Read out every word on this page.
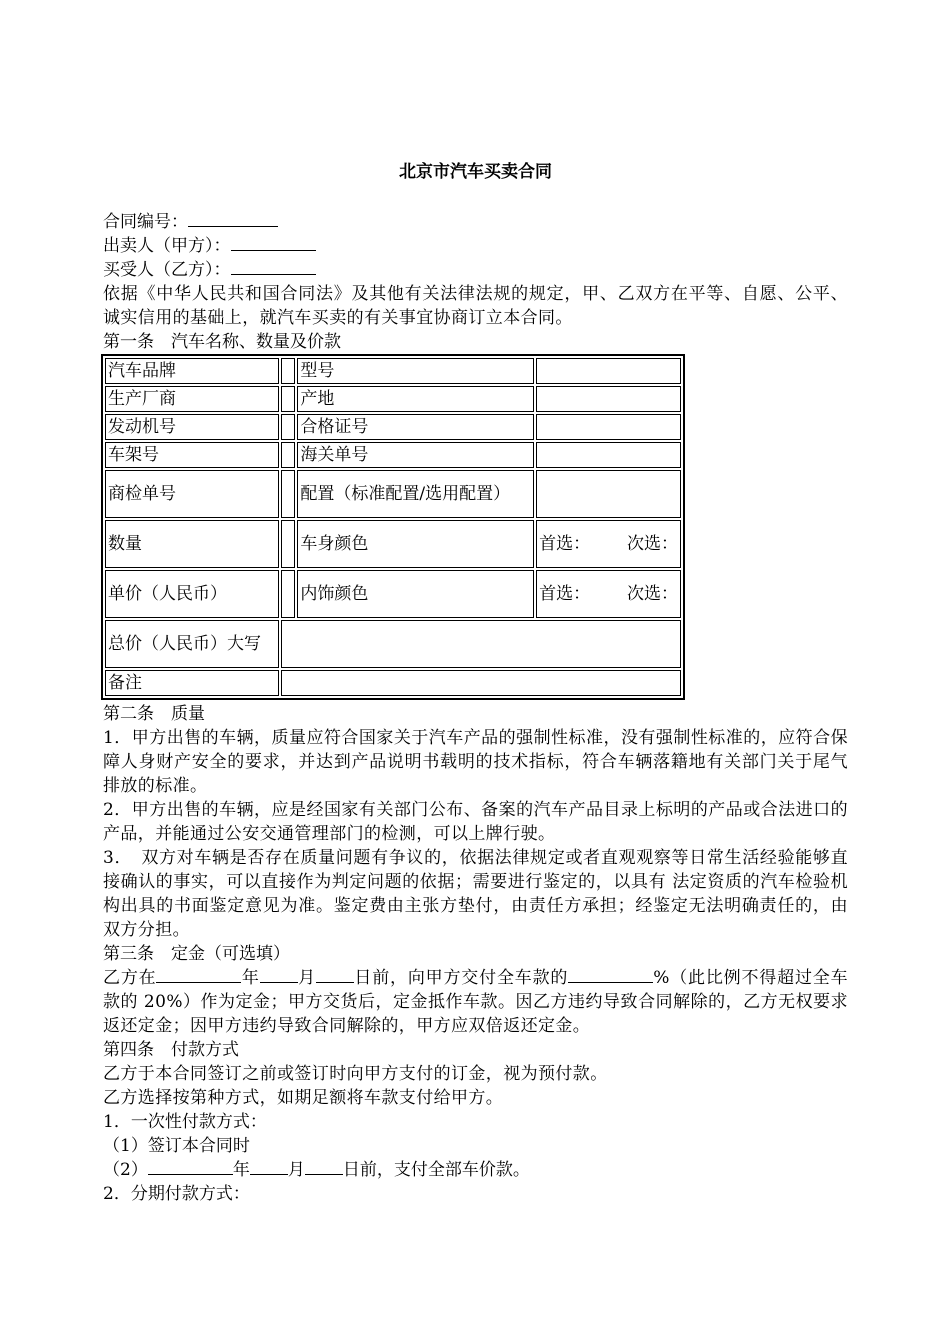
北京市汽车买卖合同
合同编号：
出卖人（甲方）：
买受人（乙方）：
依据《中华人民共和国合同法》及其他有关法律法规的规定，甲、乙双方在平等、自愿、公平、诚实信用的基础上，就汽车买卖的有关事宜协商订立本合同。
第一条　汽车名称、数量及价款
汽车品牌		型号	
生产厂商		产地	
发动机号		合格证号	
车架号		海关单号	
商检单号		配置（标准配置/选用配置）	
数量		车身颜色	首选： 次选：

单价（人民币）		内饰颜色	首选： 次选：

总价（人民币）大写			
备注			
第二条　质量
1．甲方出售的车辆，质量应符合国家关于汽车产品的强制性标准，没有强制性标准的，应符合保障人身财产安全的要求，并达到产品说明书载明的技术指标，符合车辆落籍地有关部门关于尾气排放的标准。
2．甲方出售的车辆，应是经国家有关部门公布、备案的汽车产品目录上标明的产品或合法进口的产品，并能通过公安交通管理部门的检测，可以上牌行驶。
3．　双方对车辆是否存在质量问题有争议的，依据法律规定或者直观观察等日常生活经验能够直接确认的事实，可以直接作为判定问题的依据；需要进行鉴定的，以具有 法定资质的汽车检验机构出具的书面鉴定意见为准。鉴定费由主张方垫付，由责任方承担；经鉴定无法明确责任的，由双方分担。
第三条　定金（可选填）
乙方在	年 月 日前，向甲方交付全车款的	%（此比例不得超过全车款的 20%）作为定金；甲方交货后，定金抵作车款。因乙方违约导致合同解除的，乙方无权要求返还定金；因甲方违约导致合同解除的，甲方应双倍返还定金。
第四条　付款方式
乙方于本合同签订之前或签订时向甲方支付的订金，视为预付款。
乙方选择按第种方式，如期足额将车款支付给甲方。
1．一次性付款方式：
（1）签订本合同时
（2）	年 月 日前，支付全部车价款。
2．分期付款方式：
